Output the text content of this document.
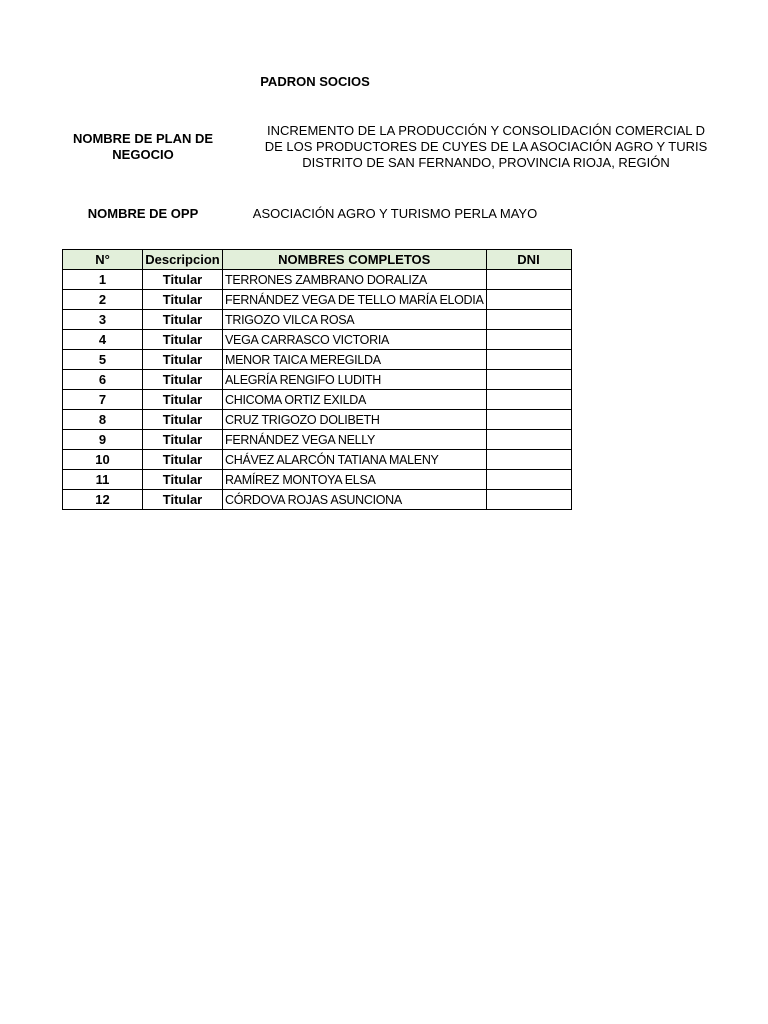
PADRON SOCIOS
NOMBRE DE PLAN DE
NEGOCIO
INCREMENTO DE LA PRODUCCIÓN Y CONSOLIDACIÓN COMERCIAL D
DE LOS PRODUCTORES DE CUYES DE LA ASOCIACIÓN AGRO Y TURIS
DISTRITO DE SAN FERNANDO, PROVINCIA RIOJA, REGIÓN
NOMBRE DE OPP	ASOCIACIÓN AGRO Y TURISMO PERLA MAYO
N°	Descripcion	NOMBRES COMPLETOS	DNI
1	Titular	TERRONES ZAMBRANO DORALIZA	
2	Titular	FERNÁNDEZ VEGA DE TELLO MARÍA ELODIA	
3	Titular	TRIGOZO VILCA ROSA	
4	Titular	VEGA CARRASCO VICTORIA	
5	Titular	MENOR TAICA MEREGILDA	
6	Titular	ALEGRÍA RENGIFO LUDITH	
7	Titular	CHICOMA ORTIZ EXILDA	
8	Titular	CRUZ TRIGOZO DOLIBETH	
9	Titular	FERNÁNDEZ VEGA NELLY	
10	Titular	CHÁVEZ ALARCÓN TATIANA MALENY	
11	Titular	RAMÍREZ MONTOYA ELSA	
12	Titular	CÓRDOVA ROJAS ASUNCIONA	
